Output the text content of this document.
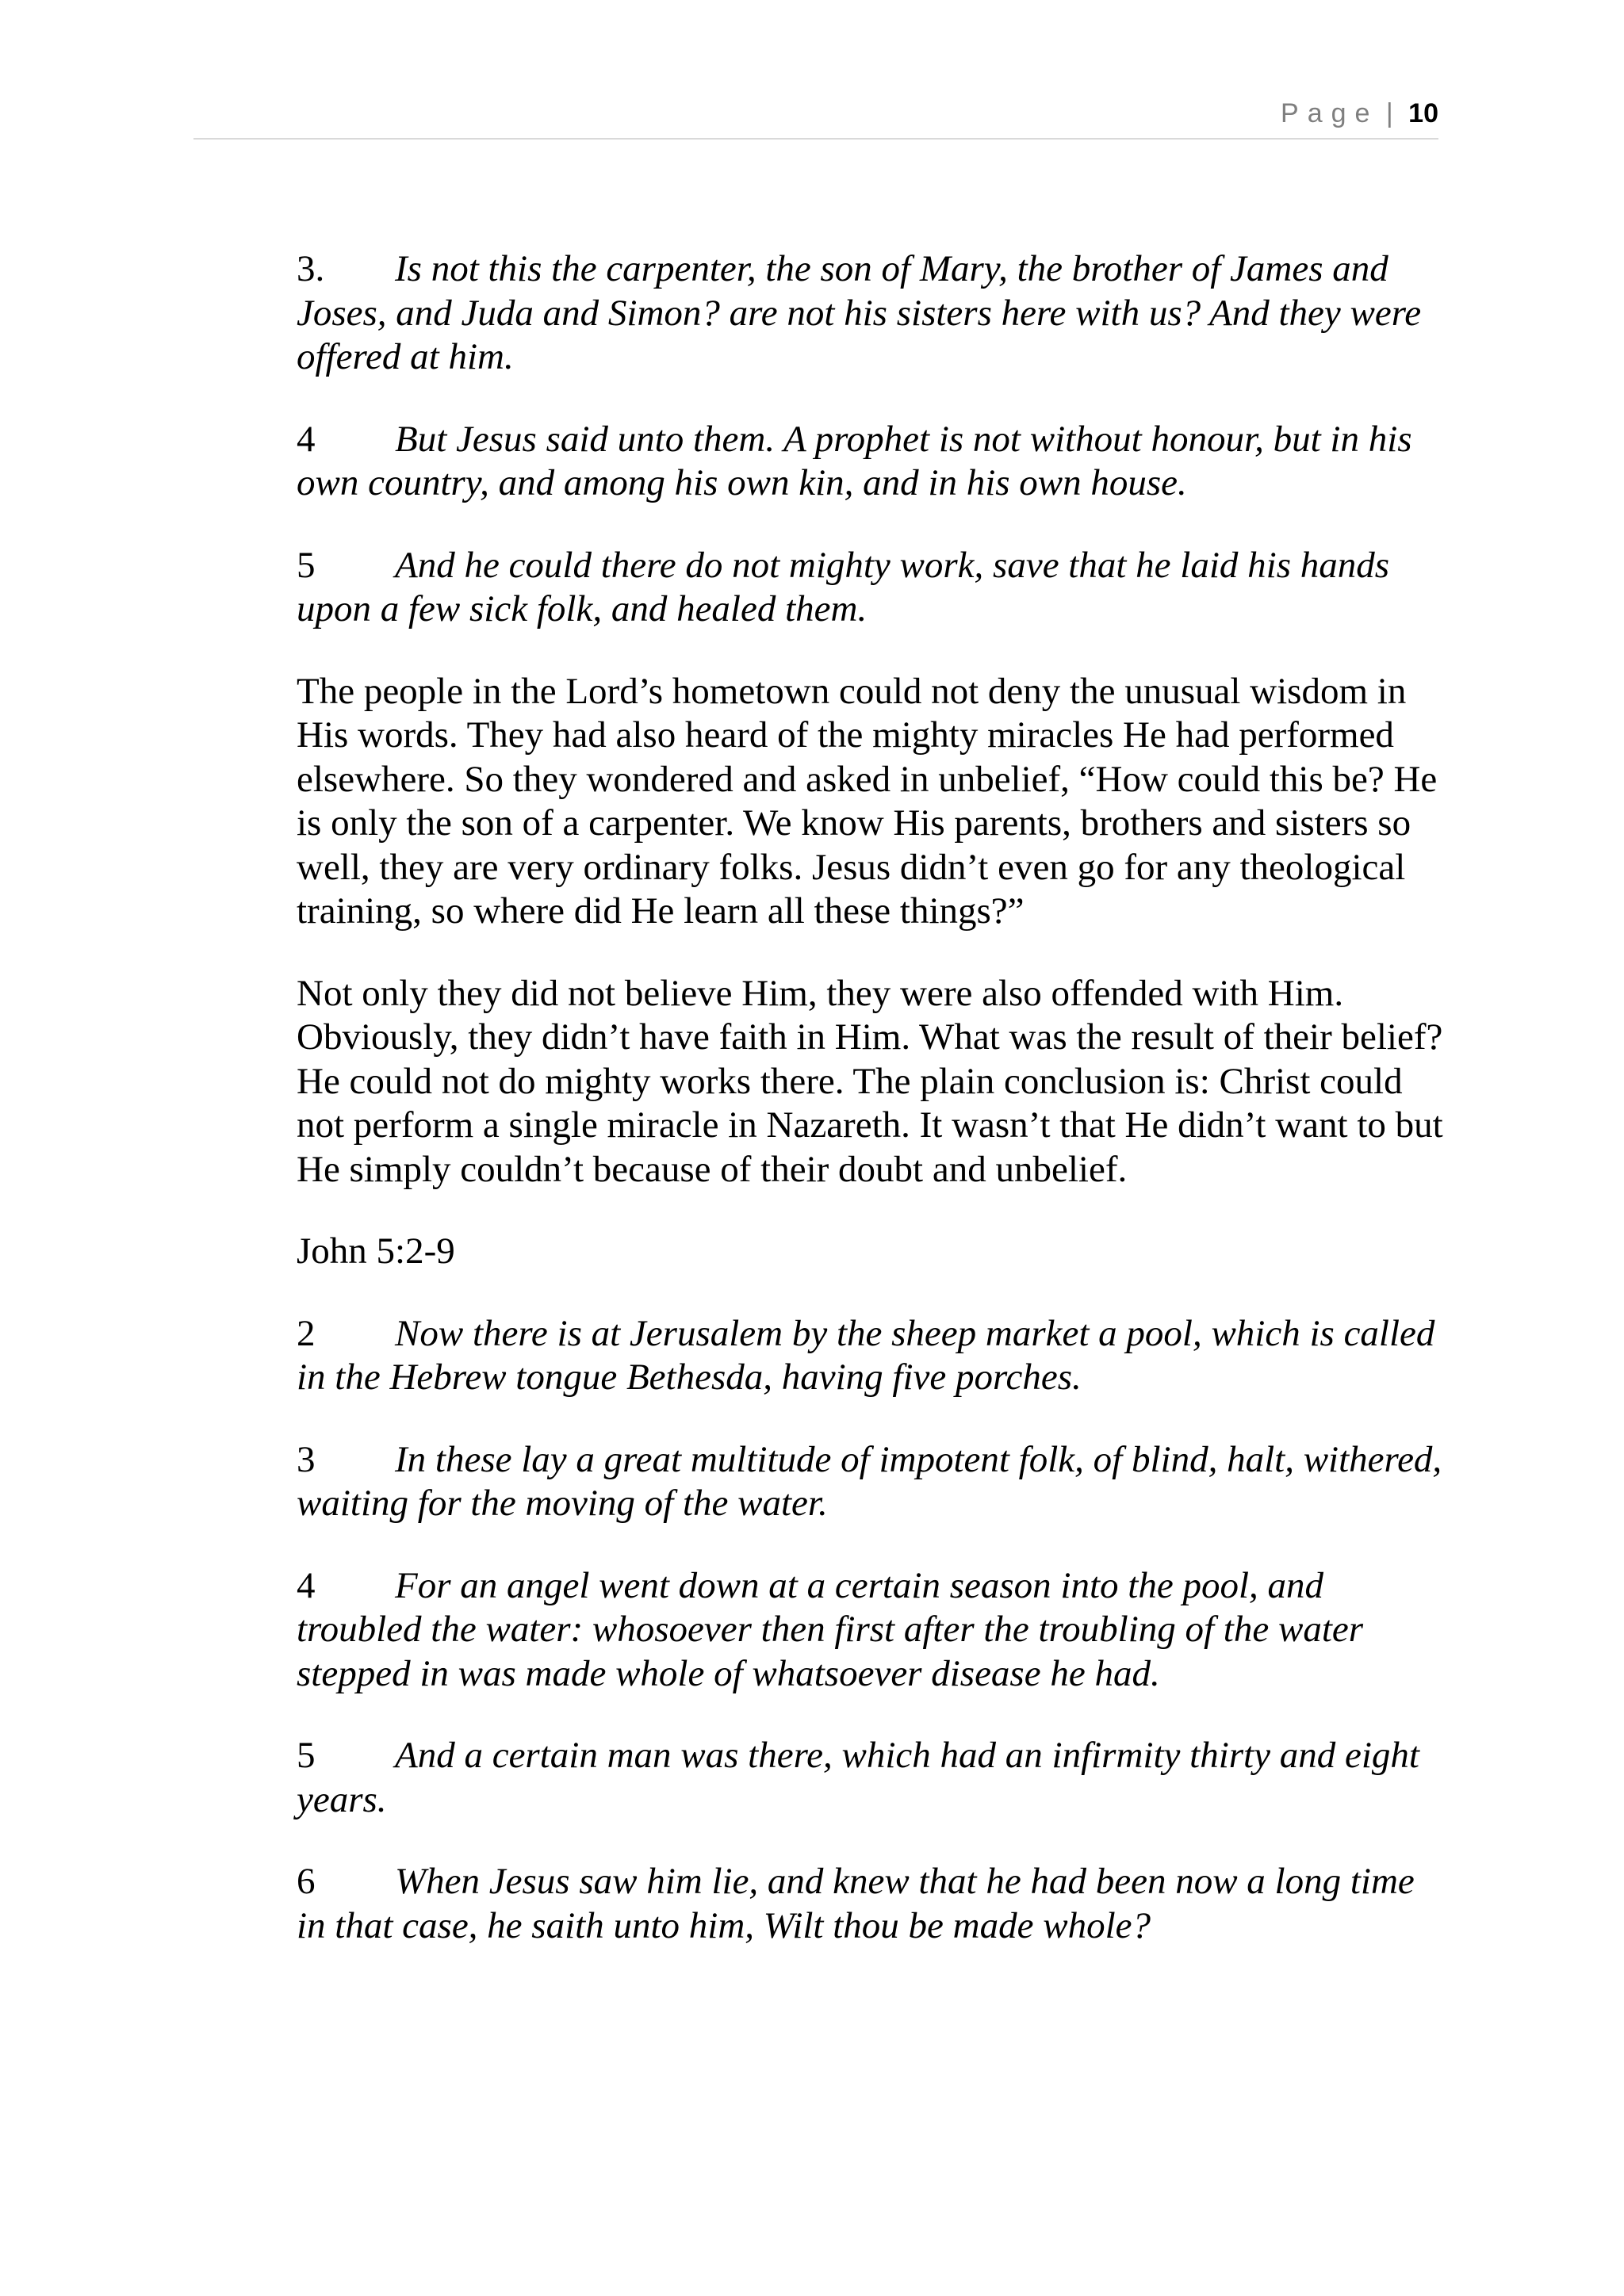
Page | 10

3. Is not this the carpenter, the son of Mary, the brother of James and Joses, and Juda and Simon? are not his sisters here with us? And they were offered at him.

4 But Jesus said unto them. A prophet is not without honour, but in his own country, and among his own kin, and in his own house.

5 And he could there do not mighty work, save that he laid his hands upon a few sick folk, and healed them.

The people in the Lord’s hometown could not deny the unusual wisdom in His words. They had also heard of the mighty miracles He had performed elsewhere. So they wondered and asked in unbelief, “How could this be? He is only the son of a carpenter. We know His parents, brothers and sisters so well, they are very ordinary folks. Jesus didn’t even go for any theological training, so where did He learn all these things?”

Not only they did not believe Him, they were also offended with Him. Obviously, they didn’t have faith in Him. What was the result of their belief? He could not do mighty works there. The plain conclusion is: Christ could not perform a single miracle in Nazareth. It wasn’t that He didn’t want to but He simply couldn’t because of their doubt and unbelief.

John 5:2-9

2 Now there is at Jerusalem by the sheep market a pool, which is called in the Hebrew tongue Bethesda, having five porches.

3 In these lay a great multitude of impotent folk, of blind, halt, withered, waiting for the moving of the water.

4 For an angel went down at a certain season into the pool, and troubled the water: whosoever then first after the troubling of the water stepped in was made whole of whatsoever disease he had.

5 And a certain man was there, which had an infirmity thirty and eight years.

6 When Jesus saw him lie, and knew that he had been now a long time in that case, he saith unto him, Wilt thou be made whole?
